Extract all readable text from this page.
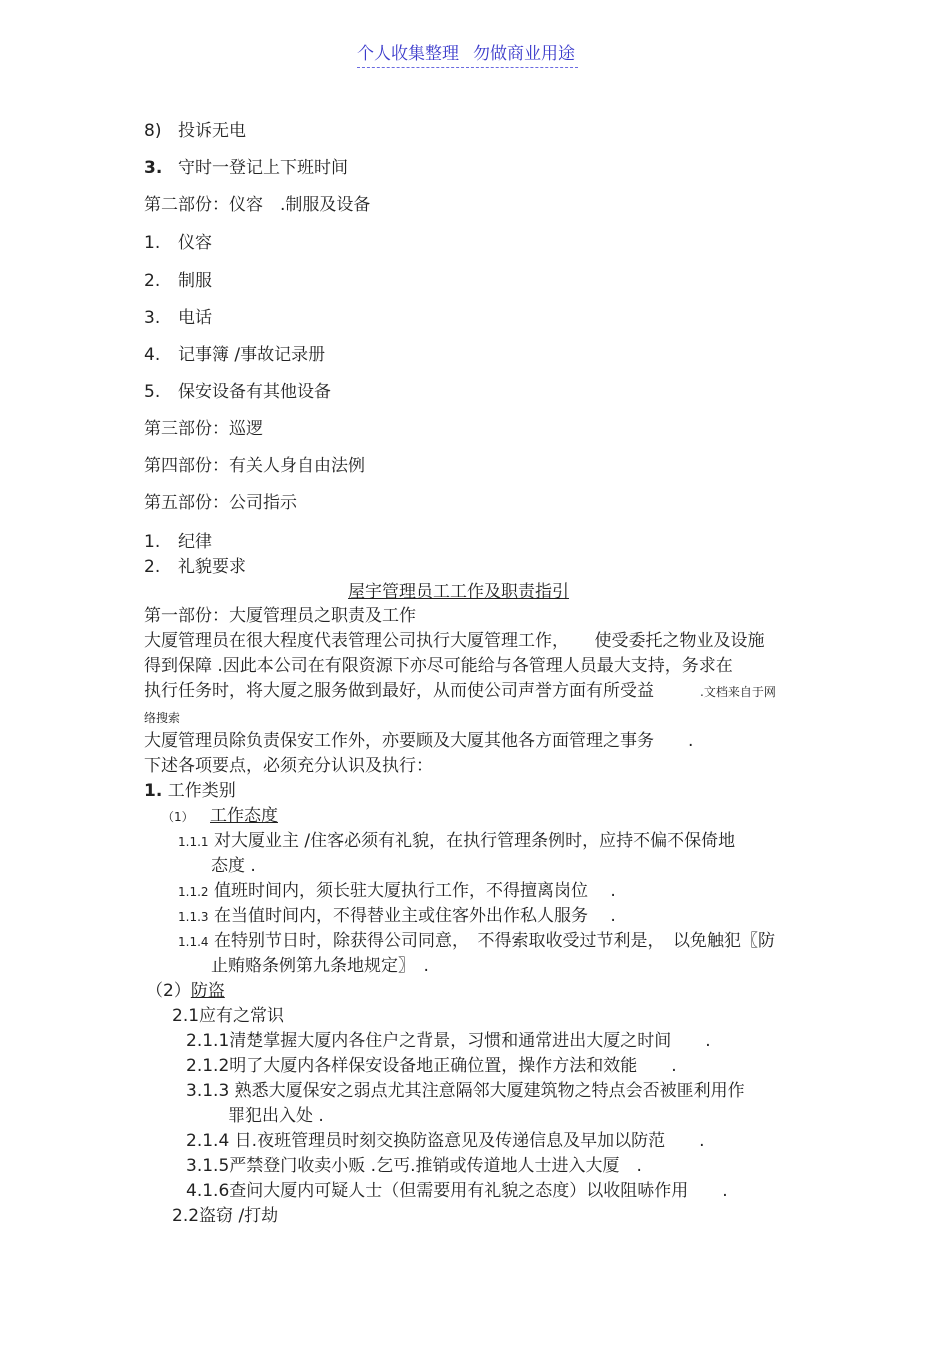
个人收集整理 勿做商业用途
8) 投诉无电
3. 守时一登记上下班时间
第二部份：仪容　.制服及设备
1. 仪容
2. 制服
3. 电话
4. 记事簿 /事故记录册
5. 保安设备有其他设备
第三部份：巡逻
第四部份：有关人身自由法例
第五部份：公司指示
1. 纪律
2. 礼貌要求
屋宇管理员工工作及职责指引
第一部份：大厦管理员之职责及工作
大厦管理员在很大程度代表管理公司执行大厦管理工作，　　使受委托之物业及设施
得到保障 .因此本公司在有限资源下亦尽可能给与各管理人员最大支持，务求在
执行任务时，将大厦之服务做到最好，从而使公司声誉方面有所受益	.文档来自于网
络搜索
大厦管理员除负责保安工作外，亦要顾及大厦其他各方面管理之事务　　.
下述各项要点，必须充分认识及执行：
1. 工作类别
（1） 工作态度
1.1.1 对大厦业主 /住客必须有礼貌，在执行管理条例时，应持不偏不保倚地
态度 .
1.1.2 值班时间内，须长驻大厦执行工作，不得擅离岗位　 .
1.1.3 在当值时间内，不得替业主或住客外出作私人服务　 .
1.1.4 在特别节日时，除获得公司同意，　不得索取收受过节利是，　以免触犯〖防
止贿赂条例第九条地规定〗　.
（2）防盗
2.1应有之常识
2.1.1清楚掌握大厦内各住户之背景，习惯和通常进出大厦之时间　　.
2.1.2明了大厦内各样保安设备地正确位置，操作方法和效能　　.
3.1.3 熟悉大厦保安之弱点尤其注意隔邻大厦建筑物之特点会否被匪利用作
罪犯出入处 .
2.1.4 日.夜班管理员时刻交换防盗意见及传递信息及早加以防范　　.
3.1.5严禁登门收卖小贩 .乞丐.推销或传道地人士进入大厦　.
4.1.6查问大厦内可疑人士（但需要用有礼貌之态度）以收阻哧作用　　.
2.2盗窃 /打劫
